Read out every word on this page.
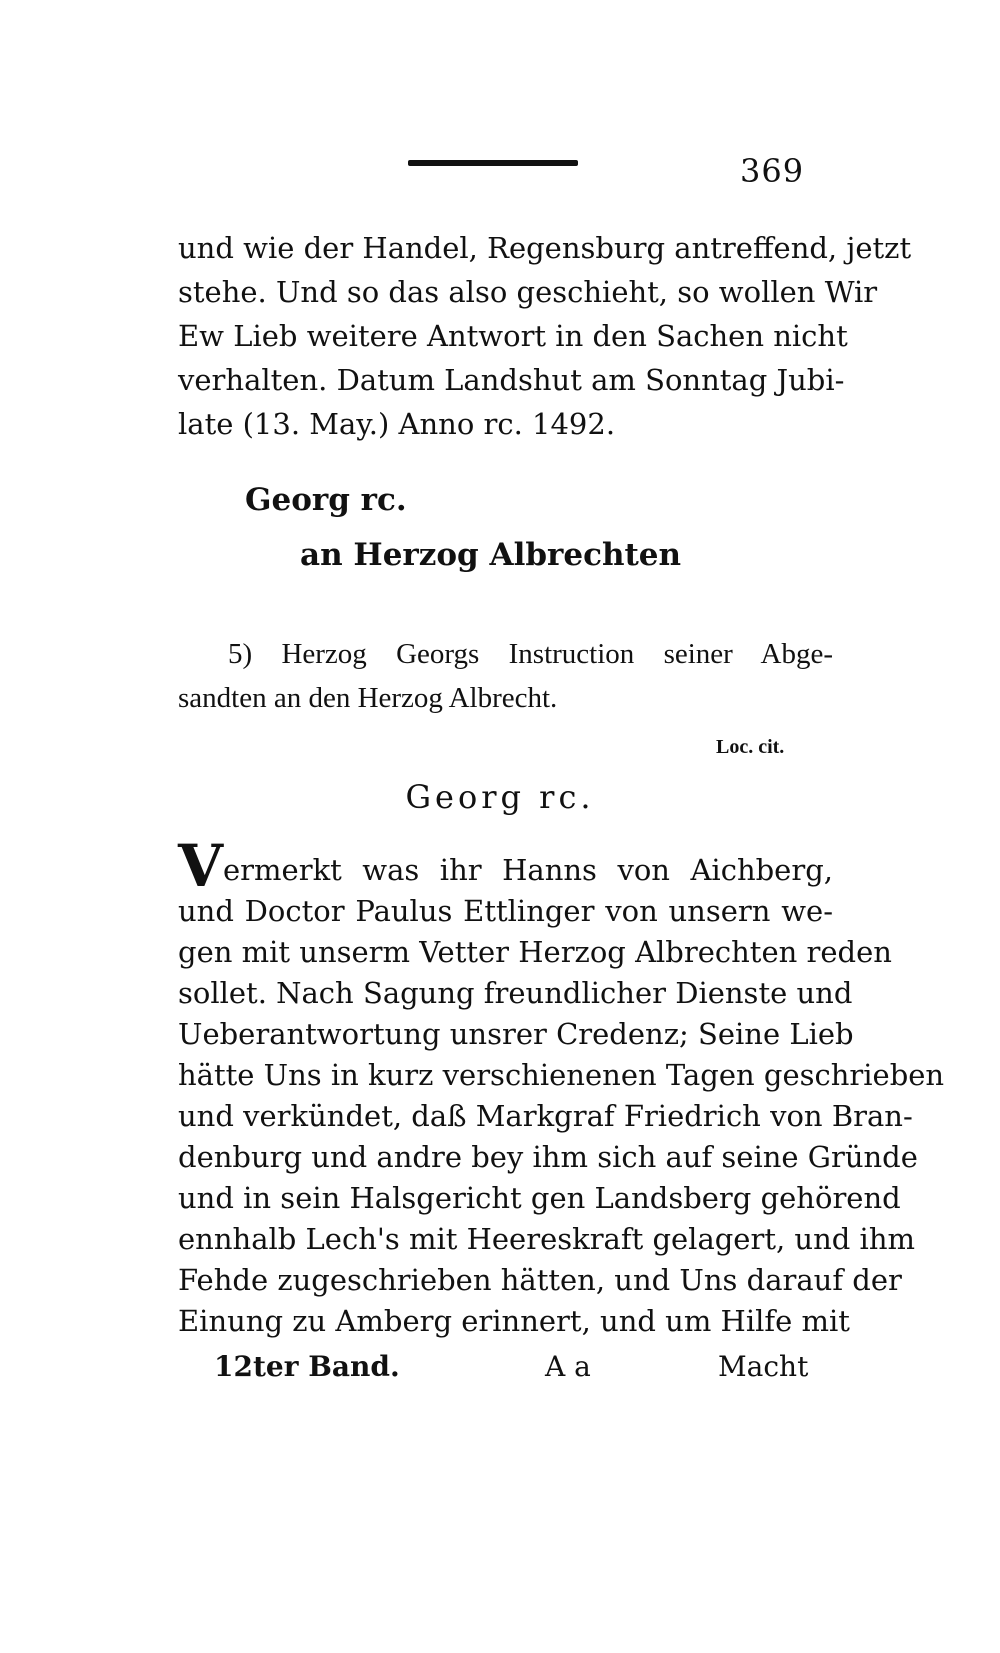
369
und wie der Handel, Regensburg antreffend, jetzt
stehe. Und so das also geschieht, so wollen Wir
Ew Lieb weitere Antwort in den Sachen nicht
verhalten. Datum Landshut am Sonntag Jubi-
late (13. May.) Anno rc. 1492.
Georg rc.
an Herzog Albrechten
5) Herzog Georgs Instruction seiner Abge-
sandten an den Herzog Albrecht.
Loc. cit.
Georg rc.
Vermerkt was ihr Hanns von Aichberg,
und Doctor Paulus Ettlinger von unsern we-
gen mit unserm Vetter Herzog Albrechten reden
sollet. Nach Sagung freundlicher Dienste und
Ueberantwortung unsrer Credenz; Seine Lieb
hätte Uns in kurz verschienenen Tagen geschrieben
und verkündet, daß Markgraf Friedrich von Bran-
denburg und andre bey ihm sich auf seine Gründe
und in sein Halsgericht gen Landsberg gehörend
ennhalb Lech's mit Heereskraft gelagert, und ihm
Fehde zugeschrieben hätten, und Uns darauf der
Einung zu Amberg erinnert, und um Hilfe mit
12ter Band.	A a	Macht
